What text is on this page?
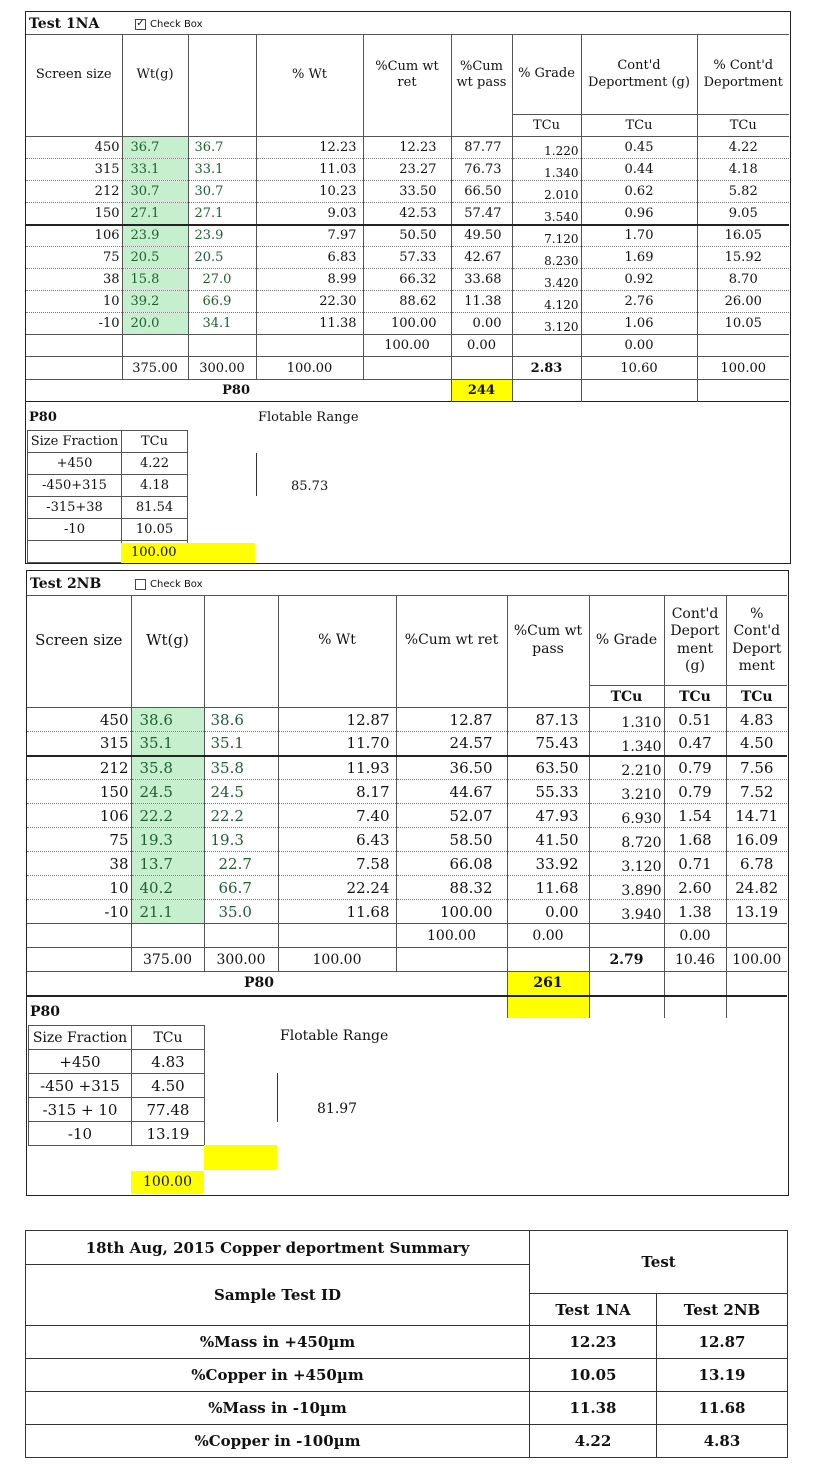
Test 1NA	✓ Check Box
Screen size	Wt(g)		% Wt	%Cum wt ret	%Cum wt pass	% Grade	Cont'd Deportment (g)	% Cont'd Deportment
						TCu	TCu	TCu
450	36.7	36.7	12.23	12.23	87.77	1.220	0.45	4.22
315	33.1	33.1	11.03	23.27	76.73	1.340	0.44	4.18
212	30.7	30.7	10.23	33.50	66.50	2.010	0.62	5.82
150	27.1	27.1	9.03	42.53	57.47	3.540	0.96	9.05
106	23.9	23.9	7.97	50.50	49.50	7.120	1.70	16.05
75	20.5	20.5	6.83	57.33	42.67	8.230	1.69	15.92
38	15.8	27.0	8.99	66.32	33.68	3.420	0.92	8.70
10	39.2	66.9	22.30	88.62	11.38	4.120	2.76	26.00
-10	20.0	34.1	11.38	100.00	0.00	3.120	1.06	10.05
				100.00	0.00		0.00	
	375.00	300.00	100.00			2.83	10.60	100.00
P80					244			
P80	Flotable Range
85.73
Size Fraction	TCu
+450	4.22
-450+315	4.18
-315+38	81.54
-10	10.05

100.00
Test 2NB	Check Box
Screen size	Wt(g)		% Wt	%Cum wt ret	%Cum wt pass	% Grade	Cont'd Deport ment (g)	% Cont'd Deport ment
						TCu	TCu	TCu
450	38.6	38.6	12.87	12.87	87.13	1.310	0.51	4.83
315	35.1	35.1	11.70	24.57	75.43	1.340	0.47	4.50
212	35.8	35.8	11.93	36.50	63.50	2.210	0.79	7.56
150	24.5	24.5	8.17	44.67	55.33	3.210	0.79	7.52
106	22.2	22.2	7.40	52.07	47.93	6.930	1.54	14.71
75	19.3	19.3	6.43	58.50	41.50	8.720	1.68	16.09
38	13.7	22.7	7.58	66.08	33.92	3.120	0.71	6.78
10	40.2	66.7	22.24	88.32	11.68	3.890	2.60	24.82
-10	21.1	35.0	11.68	100.00	0.00	3.940	1.38	13.19
				100.00	0.00		0.00	
	375.00	300.00	100.00			2.79	10.46	100.00
P80					261			

P80
Flotable Range
81.97
Size Fraction	TCu
+450	4.83
-450 +315	4.50
-315 + 10	77.48
-10	13.19
100.00
18th Aug, 2015 Copper deportment Summary	Test	
Sample Test ID		
	Test 1NA	Test 2NB
%Mass in +450µm	12.23	12.87
%Copper in +450µm	10.05	13.19
%Mass in -10µm	11.38	11.68
%Copper in -100µm	4.22	4.83
